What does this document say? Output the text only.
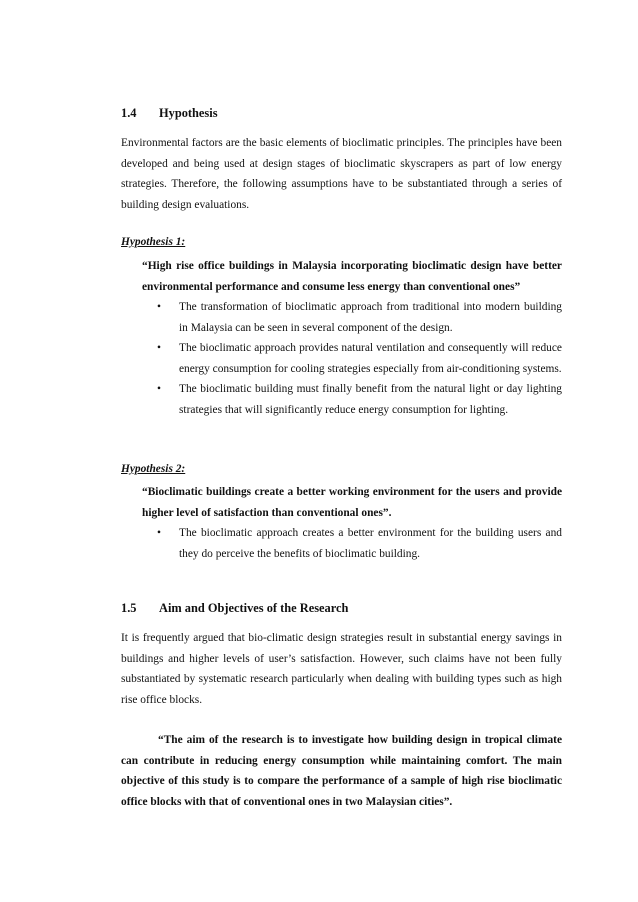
1.4 Hypothesis

Environmental factors are the basic elements of bioclimatic principles. The principles have been developed and being used at design stages of bioclimatic skyscrapers as part of low energy strategies. Therefore, the following assumptions have to be substantiated through a series of building design evaluations.

Hypothesis 1:

“High rise office buildings in Malaysia incorporating bioclimatic design have better environmental performance and consume less energy than conventional ones”

• The transformation of bioclimatic approach from traditional into modern building in Malaysia can be seen in several component of the design.
• The bioclimatic approach provides natural ventilation and consequently will reduce energy consumption for cooling strategies especially from air-conditioning systems.
• The bioclimatic building must finally benefit from the natural light or day lighting strategies that will significantly reduce energy consumption for lighting.
Hypothesis 2:

“Bioclimatic buildings create a better working environment for the users and provide higher level of satisfaction than conventional ones”.

• The bioclimatic approach creates a better environment for the building users and they do perceive the benefits of bioclimatic building.
1.5 Aim and Objectives of the Research

It is frequently argued that bio-climatic design strategies result in substantial energy savings in buildings and higher levels of user’s satisfaction. However, such claims have not been fully substantiated by systematic research particularly when dealing with building types such as high rise office blocks.

“The aim of the research is to investigate how building design in tropical climate can contribute in reducing energy consumption while maintaining comfort. The main objective of this study is to compare the performance of a sample of high rise bioclimatic office blocks with that of conventional ones in two Malaysian cities”.
